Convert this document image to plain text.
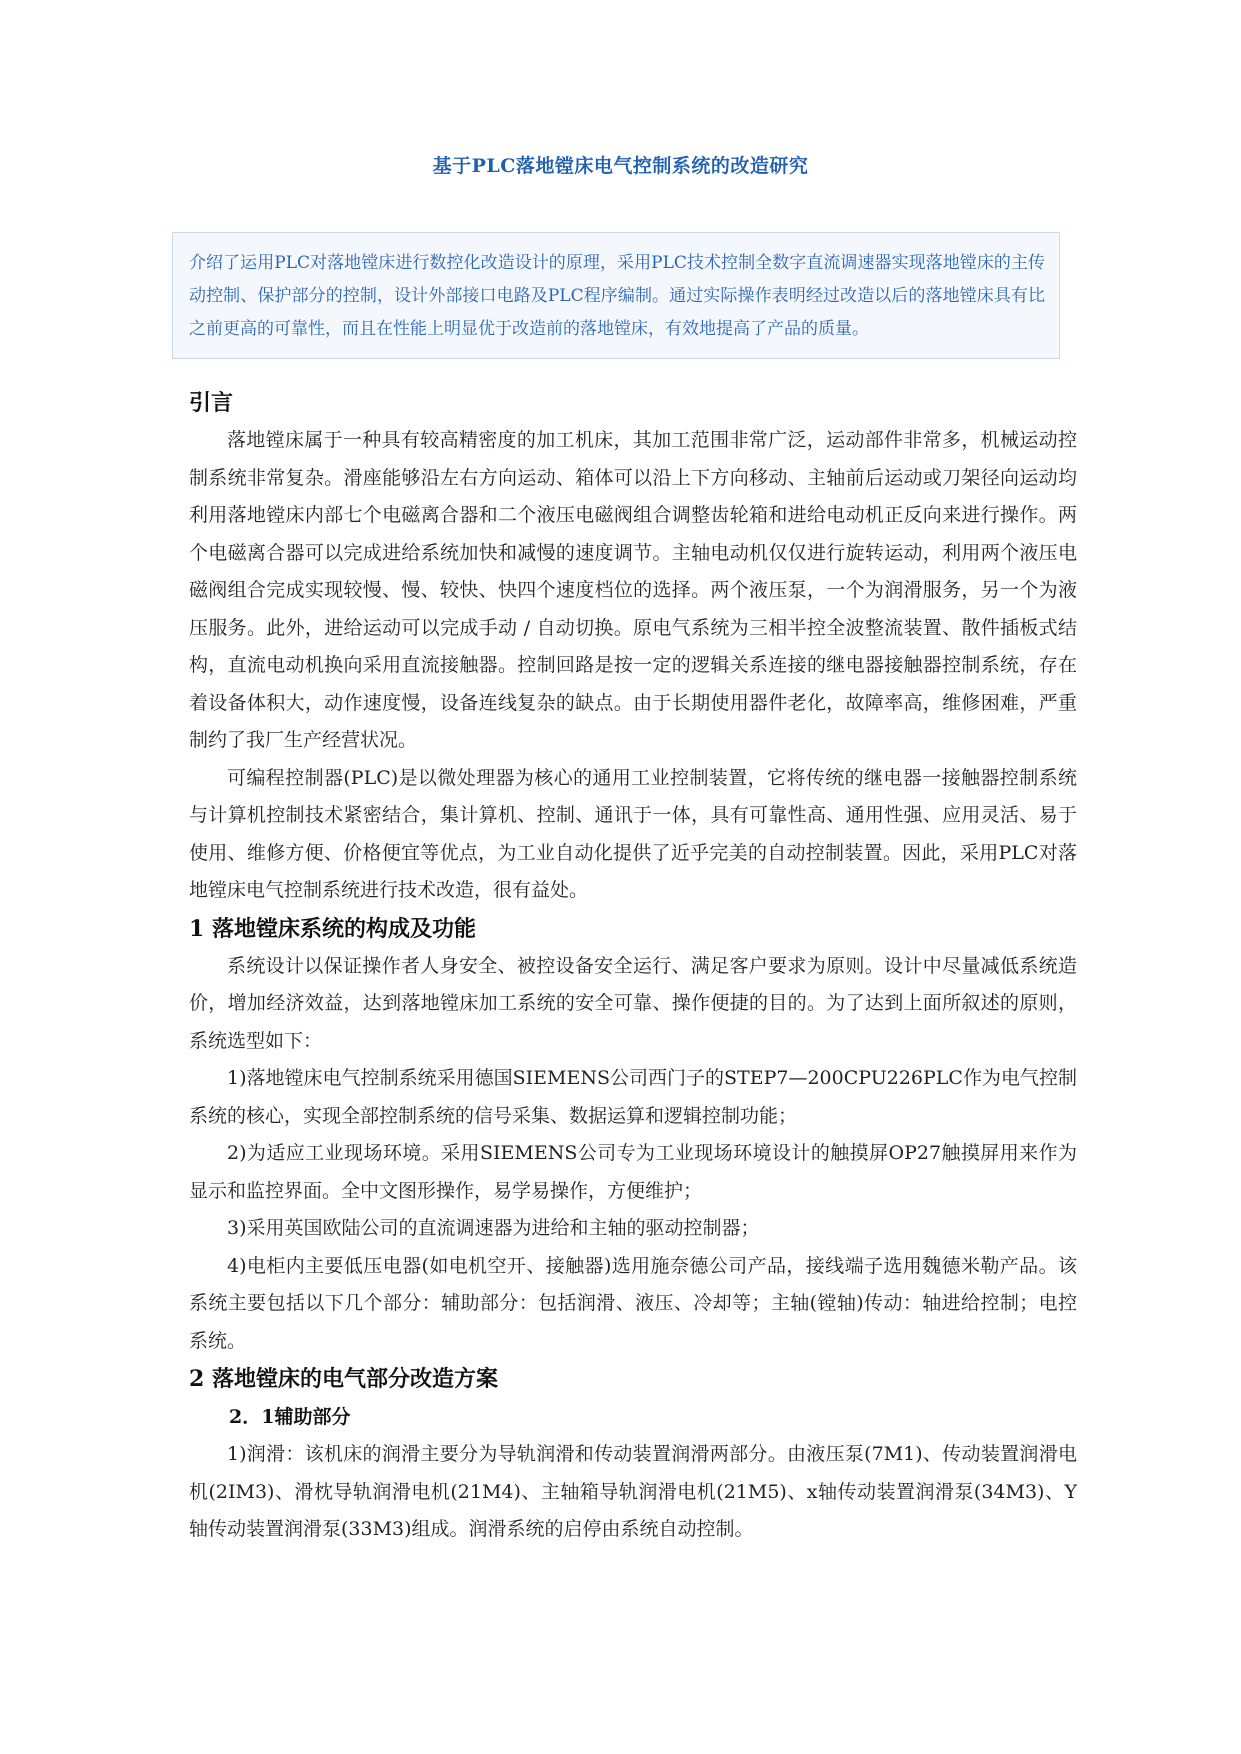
基于PLC落地镗床电气控制系统的改造研究
介绍了运用PLC对落地镗床进行数控化改造设计的原理，采用PLC技术控制全数字直流调速器实现落地镗床的主传动控制、保护部分的控制，设计外部接口电路及PLC程序编制。通过实际操作表明经过改造以后的落地镗床具有比之前更高的可靠性，而且在性能上明显优于改造前的落地镗床，有效地提高了产品的质量。

引言

落地镗床属于一种具有较高精密度的加工机床，其加工范围非常广泛，运动部件非常多，机械运动控制系统非常复杂。滑座能够沿左右方向运动、箱体可以沿上下方向移动、主轴前后运动或刀架径向运动均利用落地镗床内部七个电磁离合器和二个液压电磁阀组合调整齿轮箱和进给电动机正反向来进行操作。两个电磁离合器可以完成进给系统加快和减慢的速度调节。主轴电动机仅仅进行旋转运动，利用两个液压电磁阀组合完成实现较慢、慢、较快、快四个速度档位的选择。两个液压泵，一个为润滑服务，另一个为液压服务。此外，进给运动可以完成手动 / 自动切换。原电气系统为三相半控全波整流装置、散件插板式结构，直流电动机换向采用直流接触器。控制回路是按一定的逻辑关系连接的继电器接触器控制系统，存在着设备体积大，动作速度慢，设备连线复杂的缺点。由于长期使用器件老化，故障率高，维修困难，严重制约了我厂生产经营状况。

可编程控制器(PLC)是以微处理器为核心的通用工业控制装置，它将传统的继电器一接触器控制系统与计算机控制技术紧密结合，集计算机、控制、通讯于一体，具有可靠性高、通用性强、应用灵活、易于使用、维修方便、价格便宜等优点，为工业自动化提供了近乎完美的自动控制装置。因此，采用PLC对落地镗床电气控制系统进行技术改造，很有益处。

1 落地镗床系统的构成及功能

系统设计以保证操作者人身安全、被控设备安全运行、满足客户要求为原则。设计中尽量减低系统造价，增加经济效益，达到落地镗床加工系统的安全可靠、操作便捷的目的。为了达到上面所叙述的原则，系统选型如下：

1)落地镗床电气控制系统采用德国SIEMENS公司西门子的STEP7—200CPU226PLC作为电气控制系统的核心，实现全部控制系统的信号采集、数据运算和逻辑控制功能；

2)为适应工业现场环境。采用SIEMENS公司专为工业现场环境设计的触摸屏OP27触摸屏用来作为显示和监控界面。全中文图形操作，易学易操作，方便维护；

3)采用英国欧陆公司的直流调速器为进给和主轴的驱动控制器；

4)电柜内主要低压电器(如电机空开、接触器)选用施奈德公司产品，接线端子选用魏德米勒产品。该系统主要包括以下几个部分：辅助部分：包括润滑、液压、冷却等；主轴(镗轴)传动：轴进给控制；电控系统。

2 落地镗床的电气部分改造方案

2．1辅助部分

1)润滑：该机床的润滑主要分为导轨润滑和传动装置润滑两部分。由液压泵(7M1)、传动装置润滑电机(2IM3)、滑枕导轨润滑电机(21M4)、主轴箱导轨润滑电机(21M5)、x轴传动装置润滑泵(34M3)、Y轴传动装置润滑泵(33M3)组成。润滑系统的启停由系统自动控制。
